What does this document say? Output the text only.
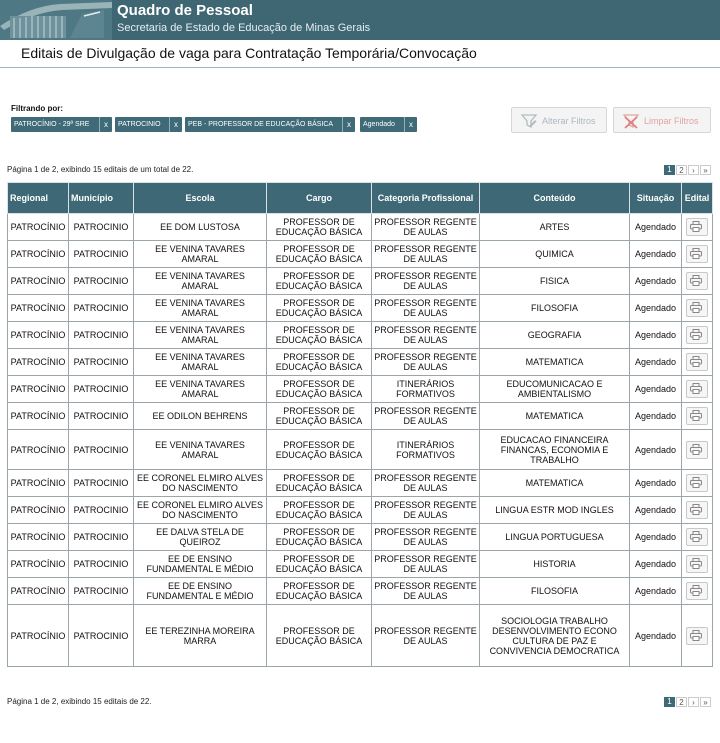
Quadro de Pessoal
Secretaria de Estado de Educação de Minas Gerais
Editais de Divulgação de vaga para Contratação Temporária/Convocação
Filtrando por:
PATROCÍNIO - 29ª SRE	x	PATROCINIO	x	PEB - PROFESSOR DE EDUCAÇÃO BÁSICA	x	Agendado	x	Alterar Filtros	Limpar Filtros
Página 1 de 2, exibindo 15 editais de um total de 22.	1 2	›	»
Regional	Município	Escola	Cargo	Categoria Profissional	Conteúdo	Situação	Edital
PATROCÍNIO	PATROCINIO	EE DOM LUSTOSA	PROFESSOR DE EDUCAÇÃO BÁSICA	PROFESSOR REGENTE DE AULAS	ARTES	Agendado	

PATROCÍNIO	PATROCINIO	EE VENINA TAVARES AMARAL	PROFESSOR DE EDUCAÇÃO BÁSICA	PROFESSOR REGENTE DE AULAS	QUIMICA	Agendado	

PATROCÍNIO	PATROCINIO	EE VENINA TAVARES AMARAL	PROFESSOR DE EDUCAÇÃO BÁSICA	PROFESSOR REGENTE DE AULAS	FISICA	Agendado	

PATROCÍNIO	PATROCINIO	EE VENINA TAVARES AMARAL	PROFESSOR DE EDUCAÇÃO BÁSICA	PROFESSOR REGENTE DE AULAS	FILOSOFIA	Agendado	

PATROCÍNIO	PATROCINIO	EE VENINA TAVARES AMARAL	PROFESSOR DE EDUCAÇÃO BÁSICA	PROFESSOR REGENTE DE AULAS	GEOGRAFIA	Agendado	

PATROCÍNIO	PATROCINIO	EE VENINA TAVARES AMARAL	PROFESSOR DE EDUCAÇÃO BÁSICA	PROFESSOR REGENTE DE AULAS	MATEMATICA	Agendado	

PATROCÍNIO	PATROCINIO	EE VENINA TAVARES AMARAL	PROFESSOR DE EDUCAÇÃO BÁSICA	ITINERÁRIOS FORMATIVOS	EDUCOMUNICACAO E AMBIENTALISMO	Agendado	

PATROCÍNIO	PATROCINIO	EE ODILON BEHRENS	PROFESSOR DE EDUCAÇÃO BÁSICA	PROFESSOR REGENTE DE AULAS	MATEMATICA	Agendado	

PATROCÍNIO	PATROCINIO	EE VENINA TAVARES AMARAL	PROFESSOR DE EDUCAÇÃO BÁSICA	ITINERÁRIOS FORMATIVOS	EDUCACAO FINANCEIRA FINANCAS, ECONOMIA E TRABALHO	Agendado	

PATROCÍNIO	PATROCINIO	EE CORONEL ELMIRO ALVES DO NASCIMENTO	PROFESSOR DE EDUCAÇÃO BÁSICA	PROFESSOR REGENTE DE AULAS	MATEMATICA	Agendado	

PATROCÍNIO	PATROCINIO	EE CORONEL ELMIRO ALVES DO NASCIMENTO	PROFESSOR DE EDUCAÇÃO BÁSICA	PROFESSOR REGENTE DE AULAS	LINGUA ESTR MOD INGLES	Agendado	

PATROCÍNIO	PATROCINIO	EE DALVA STELA DE QUEIROZ	PROFESSOR DE EDUCAÇÃO BÁSICA	PROFESSOR REGENTE DE AULAS	LINGUA PORTUGUESA	Agendado	

PATROCÍNIO	PATROCINIO	EE DE ENSINO FUNDAMENTAL E MÉDIO	PROFESSOR DE EDUCAÇÃO BÁSICA	PROFESSOR REGENTE DE AULAS	HISTORIA	Agendado	

PATROCÍNIO	PATROCINIO	EE DE ENSINO FUNDAMENTAL E MÉDIO	PROFESSOR DE EDUCAÇÃO BÁSICA	PROFESSOR REGENTE DE AULAS	FILOSOFIA	Agendado	

PATROCÍNIO	PATROCINIO	EE TEREZINHA MOREIRA MARRA	PROFESSOR DE EDUCAÇÃO BÁSICA	PROFESSOR REGENTE DE AULAS	SOCIOLOGIA TRABALHO DESENVOLVIMENTO ECONO CULTURA DE PAZ E CONVIVENCIA DEMOCRATICA	Agendado	
Página 1 de 2, exibindo 15 editais de 22.	1 2	›	»
